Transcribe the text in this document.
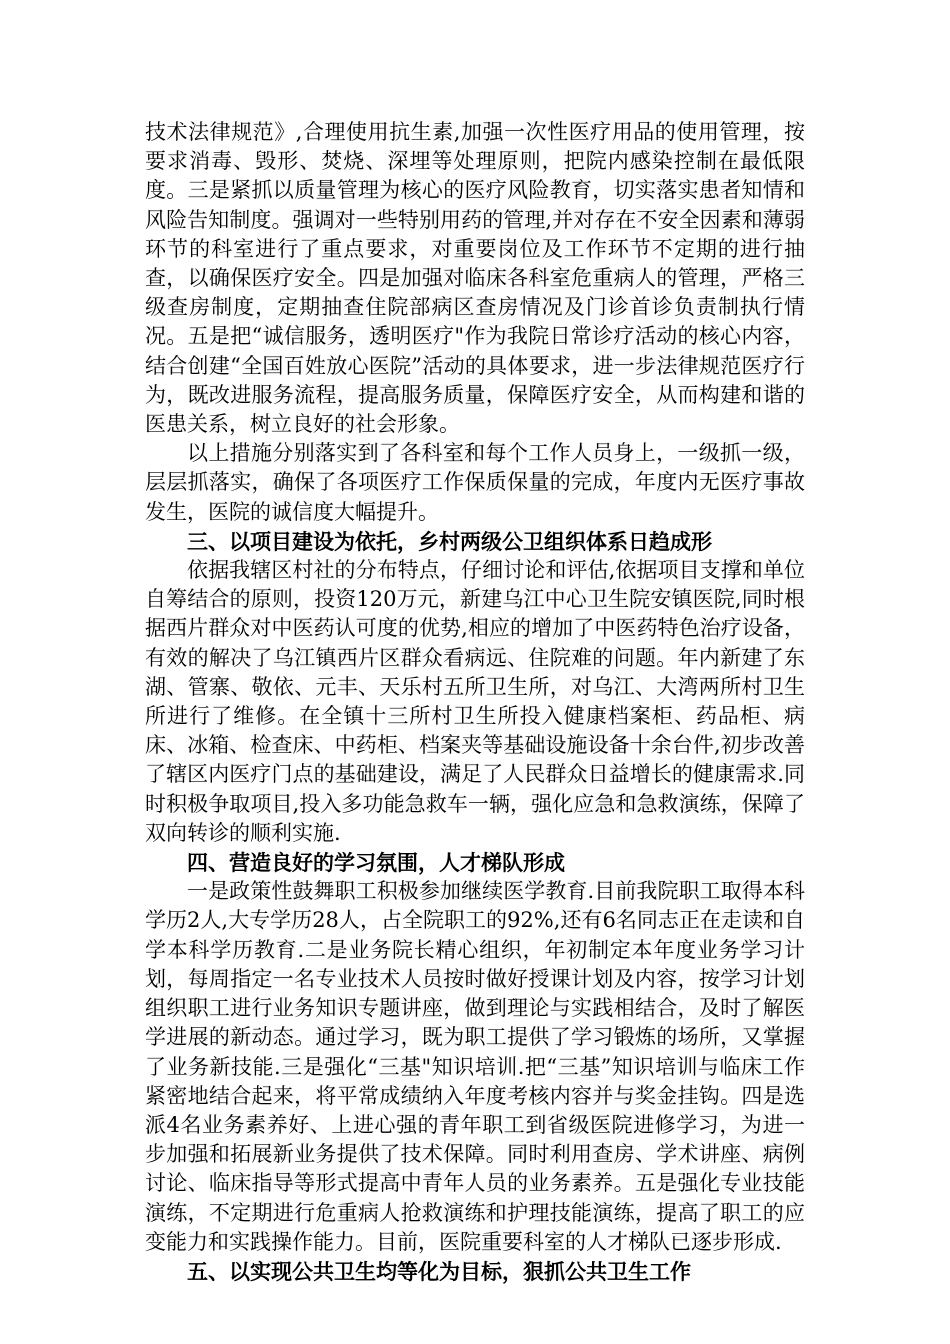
技术法律规范》,合理使用抗生素,加强一次性医疗用品的使用管理，按要求消毒、毁形、焚烧、深埋等处理原则，把院内感染控制在最低限度。三是紧抓以质量管理为核心的医疗风险教育，切实落实患者知情和风险告知制度。强调对一些特别用药的管理,并对存在不安全因素和薄弱环节的科室进行了重点要求，对重要岗位及工作环节不定期的进行抽查，以确保医疗安全。四是加强对临床各科室危重病人的管理，严格三级查房制度，定期抽查住院部病区查房情况及门诊首诊负责制执行情况。五是把“诚信服务，透明医疗"作为我院日常诊疗活动的核心内容，结合创建“全国百姓放心医院”活动的具体要求，进一步法律规范医疗行为，既改进服务流程，提高服务质量，保障医疗安全，从而构建和谐的医患关系，树立良好的社会形象。

以上措施分别落实到了各科室和每个工作人员身上，一级抓一级，层层抓落实，确保了各项医疗工作保质保量的完成，年度内无医疗事故发生，医院的诚信度大幅提升。

三、以项目建设为依托，乡村两级公卫组织体系日趋成形

依据我辖区村社的分布特点，仔细讨论和评估,依据项目支撑和单位自筹结合的原则，投资120万元，新建乌江中心卫生院安镇医院,同时根据西片群众对中医药认可度的优势,相应的增加了中医药特色治疗设备，有效的解决了乌江镇西片区群众看病远、住院难的问题。年内新建了东湖、管寨、敬依、元丰、天乐村五所卫生所，对乌江、大湾两所村卫生所进行了维修。在全镇十三所村卫生所投入健康档案柜、药品柜、病床、冰箱、检查床、中药柜、档案夹等基础设施设备十余台件,初步改善了辖区内医疗门点的基础建设，满足了人民群众日益增长的健康需求.同时积极争取项目,投入多功能急救车一辆，强化应急和急救演练，保障了双向转诊的顺利实施.

四、营造良好的学习氛围，人才梯队形成

一是政策性鼓舞职工积极参加继续医学教育.目前我院职工取得本科学历2人,大专学历28人，占全院职工的92%,还有6名同志正在走读和自学本科学历教育.二是业务院长精心组织，年初制定本年度业务学习计划，每周指定一名专业技术人员按时做好授课计划及内容，按学习计划组织职工进行业务知识专题讲座，做到理论与实践相结合，及时了解医学进展的新动态。通过学习，既为职工提供了学习锻炼的场所，又掌握了业务新技能.三是强化“三基"知识培训.把“三基”知识培训与临床工作紧密地结合起来，将平常成绩纳入年度考核内容并与奖金挂钩。四是选派4名业务素养好、上进心强的青年职工到省级医院进修学习，为进一步加强和拓展新业务提供了技术保障。同时利用查房、学术讲座、病例讨论、临床指导等形式提高中青年人员的业务素养。五是强化专业技能演练，不定期进行危重病人抢救演练和护理技能演练，提高了职工的应变能力和实践操作能力。目前，医院重要科室的人才梯队已逐步形成.

五、以实现公共卫生均等化为目标，狠抓公共卫生工作
